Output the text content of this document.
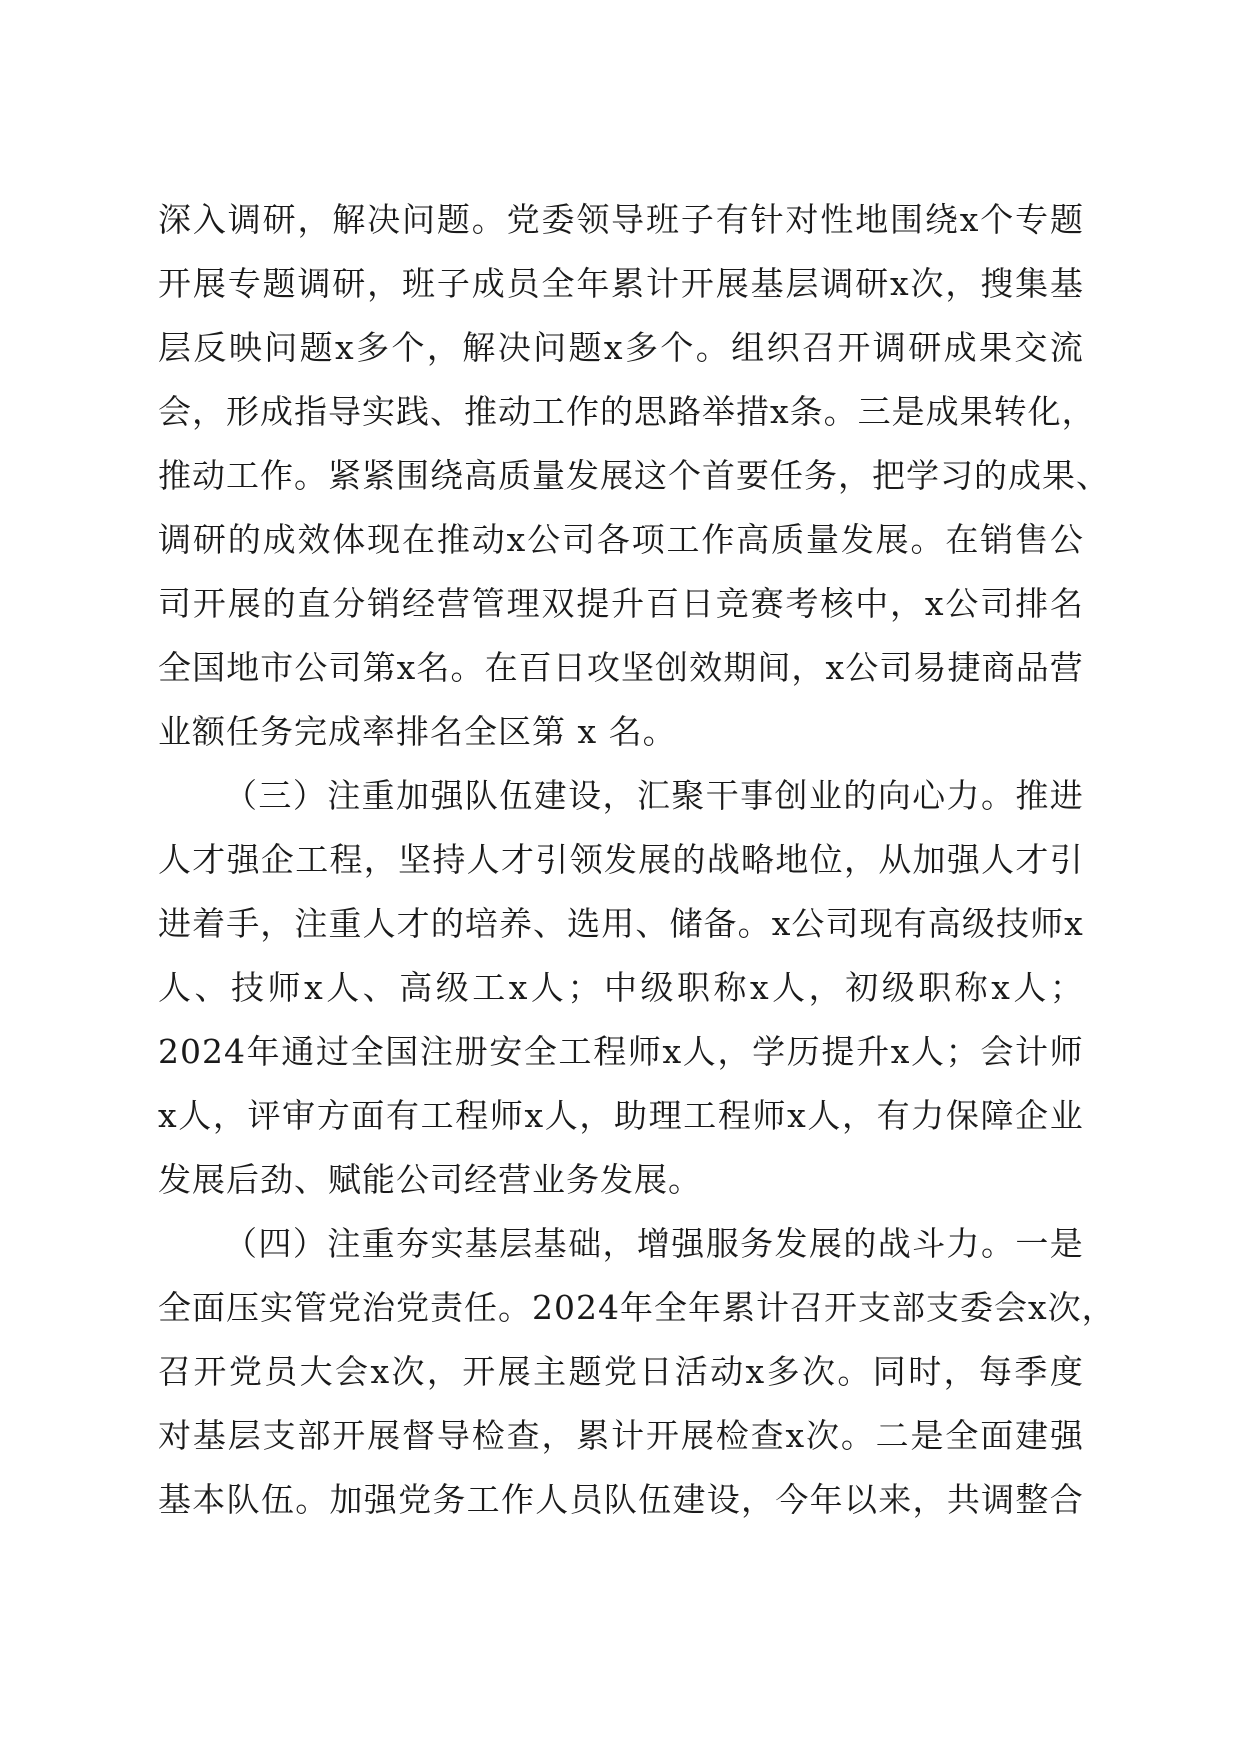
深 入 调 研 ， 解 决 问 题 。 党 委 领 导 班 子 有 针 对 性 地 围 绕 x 个 专 题
开 展 专 题 调 研 ， 班 子 成 员 全 年 累 计 开 展 基 层 调 研 x 次 ， 搜 集 基
层 反 映 问 题 x 多 个 ， 解 决 问 题 x 多 个 。 组 织 召 开 调 研 成 果 交 流
会 ， 形 成 指 导 实 践 、 推 动 工 作 的 思 路 举 措 x 条 。 三 是 成 果 转 化 ，
推 动 工 作 。 紧 紧 围 绕 高 质 量 发 展 这 个 首 要 任 务 ， 把 学 习 的 成 果 、
调 研 的 成 效 体 现 在 推 动 x 公 司 各 项 工 作 高 质 量 发 展 。 在 销 售 公
司 开 展 的 直 分 销 经 营 管 理 双 提 升 百 日 竞 赛 考 核 中 ， x 公 司 排 名
全 国 地 市 公 司 第 x 名 。 在 百 日 攻 坚 创 效 期 间 ， x 公 司 易 捷 商 品 营
业额任务完成率排名全区第 x 名。
（ 三 ） 注 重 加 强 队 伍 建 设 ， 汇 聚 干 事 创 业 的 向 心 力 。 推 进
人 才 强 企 工 程 ， 坚 持 人 才 引 领 发 展 的 战 略 地 位 ， 从 加 强 人 才 引
进 着 手 ， 注 重 人 才 的 培 养 、 选 用 、 储 备 。 x 公 司 现 有 高 级 技 师 x
人 、 技 师 x 人 、 高 级 工 x 人 ； 中 级 职 称 x 人 ， 初 级 职 称 x 人 ；
2024 年 通 过 全 国 注 册 安 全 工 程 师 x 人 ， 学 历 提 升 x 人 ； 会 计 师
x 人 ， 评 审 方 面 有 工 程 师 x 人 ， 助 理 工 程 师 x 人 ， 有 力 保 障 企 业
发展后劲、赋能公司经营业务发展。
（ 四 ） 注 重 夯 实 基 层 基 础 ， 增 强 服 务 发 展 的 战 斗 力 。 一 是
全 面 压 实 管 党 治 党 责 任 。 2024 年 全 年 累 计 召 开 支 部 支 委 会 x 次 ，
召 开 党 员 大 会 x 次 ， 开 展 主 题 党 日 活 动 x 多 次 。 同 时 ， 每 季 度
对 基 层 支 部 开 展 督 导 检 查 ， 累 计 开 展 检 查 x 次 。 二 是 全 面 建 强
基 本 队 伍 。 加 强 党 务 工 作 人 员 队 伍 建 设 ， 今 年 以 来 ， 共 调 整 合
